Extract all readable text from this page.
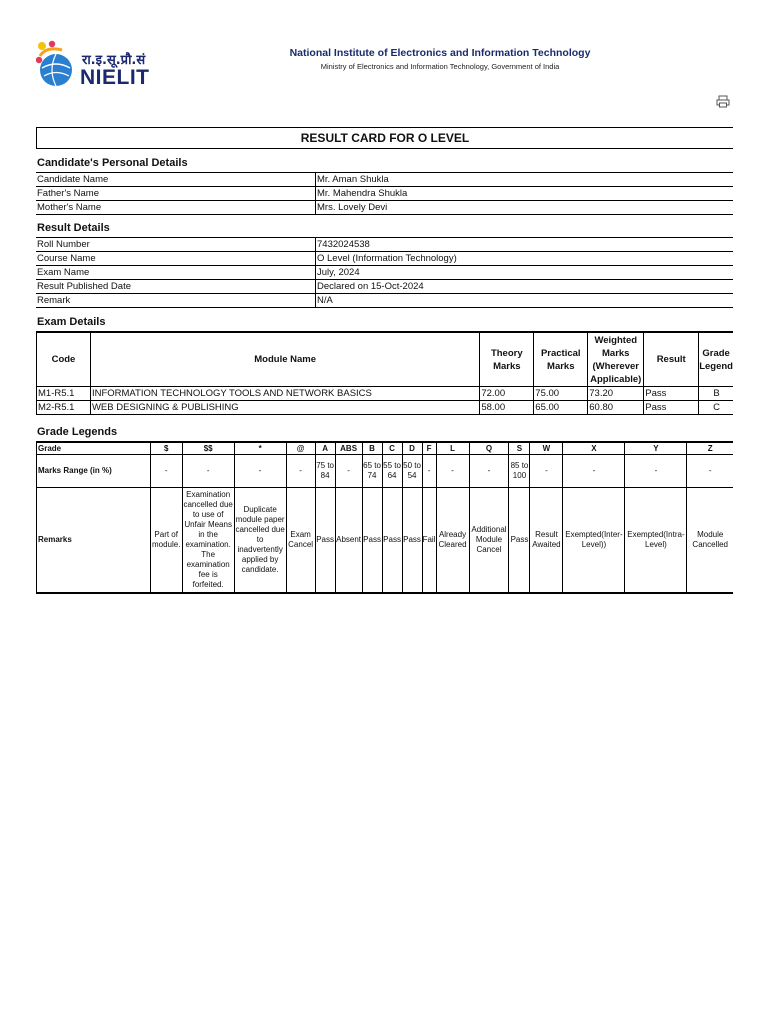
रा.इ.सू.प्रौ.सं
NIELIT
National Institute of Electronics and Information Technology
Ministry of Electronics and Information Technology, Government of India
RESULT CARD FOR O LEVEL
Candidate's Personal Details
Candidate Name	Mr. Aman Shukla
Father's Name	Mr. Mahendra Shukla
Mother's Name	Mrs. Lovely Devi
Result Details
Roll Number	7432024538
Course Name	O Level (Information Technology)
Exam Name	July, 2024
Result Published Date	Declared on 15-Oct-2024
Remark	N/A
Exam Details
Code	Module Name	Theory Marks	Practical Marks	Weighted Marks (Wherever Applicable)	Result	Grade Legend
M1-R5.1	INFORMATION TECHNOLOGY TOOLS AND NETWORK BASICS	72.00	75.00	73.20	Pass	B
M2-R5.1	WEB DESIGNING & PUBLISHING	58.00	65.00	60.80	Pass	C
Grade Legends
Grade	$	$$	*	@	A	ABS	B	C	D	F	L	Q	S	W	X	Y	Z
Marks Range (in %)	-	-	-	-	75 to 84	-	65 to 74	55 to 64	50 to 54	-	-	-	85 to 100	-	-	-	-
Remarks	Part of module.	Examination cancelled due to use of Unfair Means in the examination. The examination fee is forfeited.	Duplicate module paper cancelled due to inadvertently applied by candidate.	Exam Cancel	Pass	Absent	Pass	Pass	Pass	Fail	Already Cleared	Additional Module Cancel	Pass	Result Awaited	Exempted(Inter-Level))	Exempted(Intra-Level)	Module Cancelled
